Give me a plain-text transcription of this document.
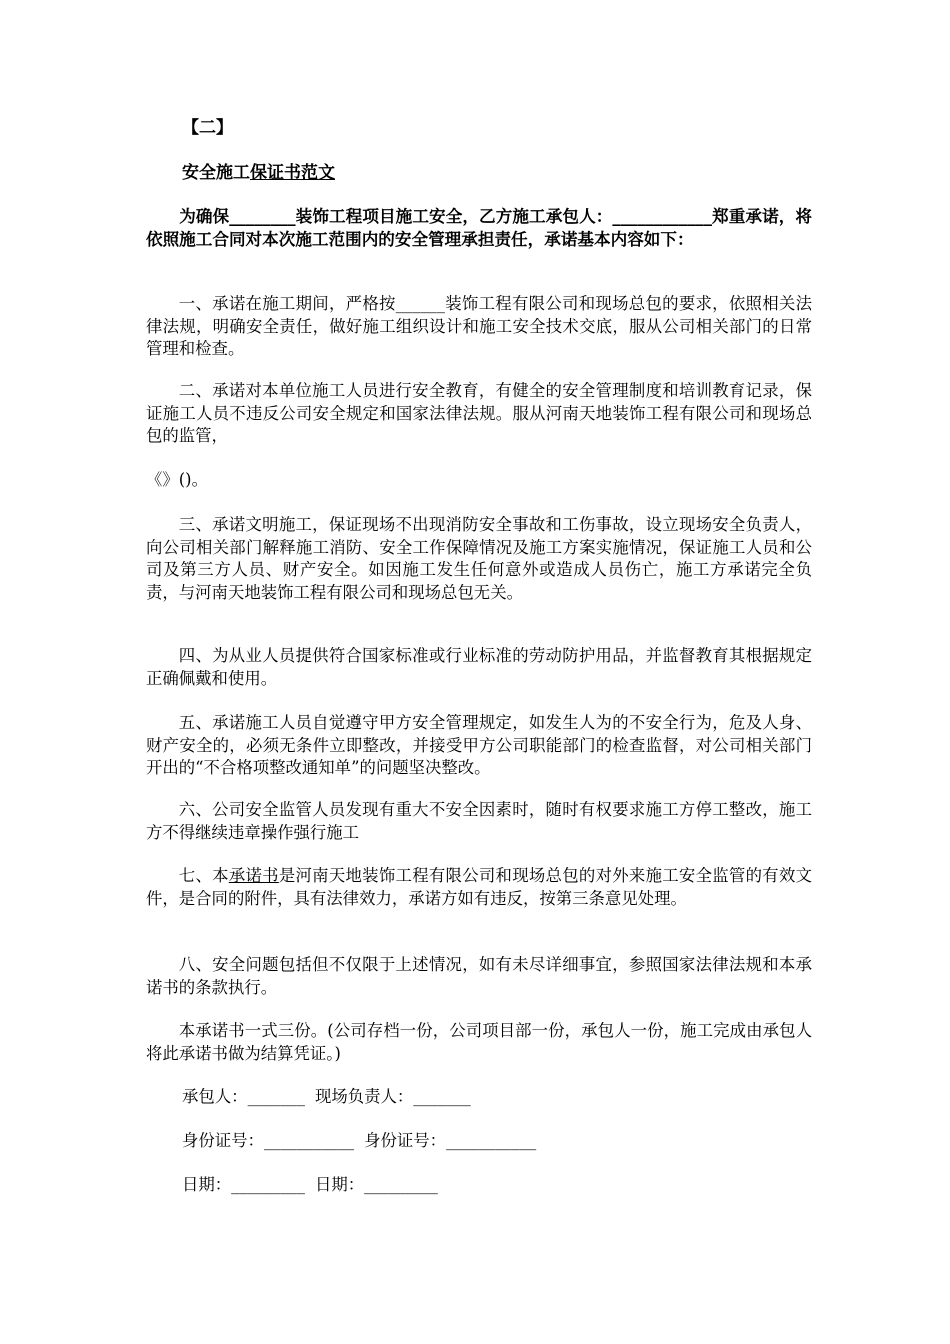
【二】
安全施工保证书范文

为确保________装饰工程项目施工安全，乙方施工承包人：____________郑重承诺，将依照施工合同对本次施工范围内的安全管理承担责任，承诺基本内容如下：

一、承诺在施工期间，严格按______装饰工程有限公司和现场总包的要求，依照相关法律法规，明确安全责任，做好施工组织设计和施工安全技术交底，服从公司相关部门的日常管理和检查。

二、承诺对本单位施工人员进行安全教育，有健全的安全管理制度和培训教育记录，保证施工人员不违反公司安全规定和国家法律法规。服从河南天地装饰工程有限公司和现场总包的监管，

《》()。

三、承诺文明施工，保证现场不出现消防安全事故和工伤事故，设立现场安全负责人，向公司相关部门解释施工消防、安全工作保障情况及施工方案实施情况，保证施工人员和公司及第三方人员、财产安全。如因施工发生任何意外或造成人员伤亡，施工方承诺完全负责，与河南天地装饰工程有限公司和现场总包无关。

四、为从业人员提供符合国家标准或行业标准的劳动防护用品，并监督教育其根据规定正确佩戴和使用。

五、承诺施工人员自觉遵守甲方安全管理规定，如发生人为的不安全行为，危及人身、财产安全的，必须无条件立即整改，并接受甲方公司职能部门的检查监督，对公司相关部门开出的“不合格项整改通知单”的问题坚决整改。

六、公司安全监管人员发现有重大不安全因素时，随时有权要求施工方停工整改，施工方不得继续违章操作强行施工

七、本承诺书是河南天地装饰工程有限公司和现场总包的对外来施工安全监管的有效文件，是合同的附件，具有法律效力，承诺方如有违反，按第三条意见处理。

八、安全问题包括但不仅限于上述情况，如有未尽详细事宜，参照国家法律法规和本承诺书的条款执行。

本承诺书一式三份。(公司存档一份，公司项目部一份，承包人一份，施工完成由承包人将此承诺书做为结算凭证。)

承包人：_______ 现场负责人：_______
身份证号：___________ 身份证号：___________
日期：_________ 日期：_________
